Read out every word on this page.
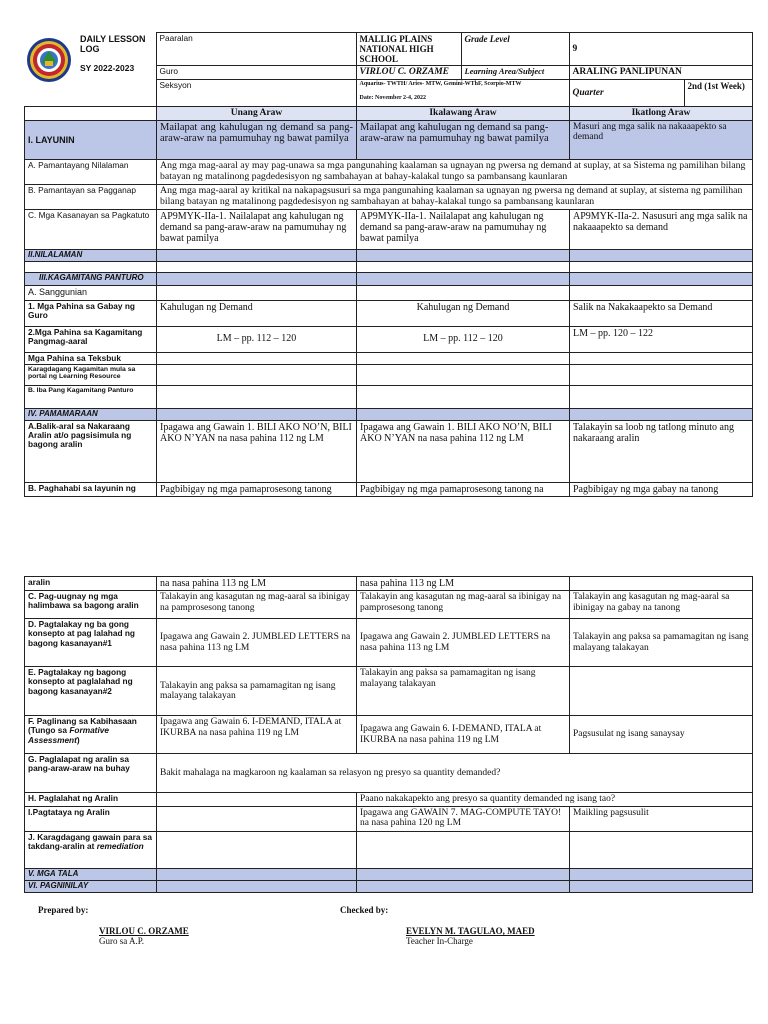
DAILY LESSON LOG
SY 2022-2023	Paaralan	MALLIG PLAINS NATIONAL HIGH SCHOOL	Grade Level	9	
	Guro	VIRLOU C. ORZAME	Learning Area/Subject	ARALING PANLIPUNAN	
	Seksyon	Aquarius- TWTH/ Aries- MTW, Gemini-WThF, Scorpio-MTW
Date: November 2-4, 2022		Quarter	2nd (1st Week)
	Unang Araw	Ikalawang Araw	Ikatlong Araw
I. LAYUNIN	Mailapat ang kahulugan ng demand sa pang-araw-araw na pamumuhay ng bawat pamilya	Mailapat ang kahulugan ng demand sa pang-araw-araw na pamumuhay ng bawat pamilya	Masuri ang mga salik na nakaaapekto sa demand
A. Pamantayang Nilalaman	Ang mga mag-aaral ay may pag-unawa sa mga pangunahing kaalaman sa ugnayan ng pwersa ng demand at suplay, at sa Sistema ng pamilihan bilang batayan ng matalinong pagdedesisyon ng sambahayan at bahay-kalakal tungo sa pambansang kaunlaran		
B. Pamantayan sa Pagganap	Ang mga mag-aaral ay kritikal na nakapagsusuri sa mga pangunahing kaalaman sa ugnayan ng pwersa ng demand at suplay, at sistema ng pamilihan bilang batayan ng matalinong pagdedesisyon ng sambahayan at bahay-kalakal tungo sa pambansang kaunlaran		
C. Mga Kasanayan sa Pagkatuto	AP9MYK-IIa-1. Nailalapat ang kahulugan ng demand sa pang-araw-araw na pamumuhay ng bawat pamilya	AP9MYK-IIa-1. Nailalapat ang kahulugan ng demand sa pang-araw-araw na pamumuhay ng bawat pamilya	AP9MYK-IIa-2. Nasusuri ang mga salik na nakaaapekto sa demand
II.NILALAMAN			

III.KAGAMITANG PANTURO			
A. Sanggunian			
1. Mga Pahina sa Gabay ng Guro	Kahulugan ng Demand	Kahulugan ng Demand	Salik na Nakakaapekto sa Demand
2.Mga Pahina sa Kagamitang Pangmag-aaral	LM – pp. 112 – 120	LM – pp. 112 – 120	LM – pp. 120 – 122
Mga Pahina sa Teksbuk			
Karagdagang Kagamitan mula sa portal ng Learning Resource			
B. Iba Pang Kagamitang Panturo			
IV. PAMAMARAAN			
A.Balik-aral sa Nakaraang Aralin at/o pagsisimula ng bagong aralin	Ipagawa ang Gawain 1. BILI AKO NO’N, BILI AKO N’YAN na nasa pahina 112 ng LM	Ipagawa ang Gawain 1. BILI AKO NO’N, BILI AKO N’YAN na nasa pahina 112 ng LM	Talakayin sa loob ng tatlong minuto ang nakaraang aralin
B. Paghahabi sa layunin ng	Pagbibigay ng mga pamaprosesong tanong	Pagbibigay ng mga pamaprosesong tanong na	Pagbibigay ng mga gabay na tanong
aralin	na nasa pahina 113 ng LM	nasa pahina 113 ng LM	
C. Pag-uugnay ng mga halimbawa sa bagong aralin	Talakayin ang kasagutan ng mag-aaral sa ibinigay na pamprosesong tanong	Talakayin ang kasagutan ng mag-aaral sa ibinigay na pamprosesong tanong	Talakayin ang kasagutan ng mag-aaral sa ibinigay na gabay na tanong
D. Pagtalakay ng ba gong konsepto at pag lalahad ng bagong kasanayan#1	Ipagawa ang Gawain 2. JUMBLED LETTERS na nasa pahina 113 ng LM	Ipagawa ang Gawain 2. JUMBLED LETTERS na nasa pahina 113 ng LM	Talakayin ang paksa sa pamamagitan ng isang malayang talakayan
E. Pagtalakay ng bagong konsepto at paglalahad ng bagong kasanayan#2	Talakayin ang paksa sa pamamagitan ng isang malayang talakayan	Talakayin ang paksa sa pamamagitan ng isang malayang talakayan	
F. Paglinang sa Kabihasaan (Tungo sa Formative Assessment)	Ipagawa ang Gawain 6. I-DEMAND, ITALA at IKURBA na nasa pahina 119 ng LM	Ipagawa ang Gawain 6. I-DEMAND, ITALA at IKURBA na nasa pahina 119 ng LM	Pagsusulat ng isang sanaysay
G. Paglalapat ng aralin sa pang-araw-araw na buhay	Bakit mahalaga na magkaroon ng kaalaman sa relasyon ng presyo sa quantity demanded?		
H. Paglalahat ng Aralin		Paano nakakapekto ang presyo sa quantity demanded ng isang tao?	
I.Pagtataya ng Aralin		Ipagawa ang GAWAIN 7. MAG-COMPUTE TAYO! na nasa pahina 120 ng LM	Maikling pagsusulit
J. Karagdagang gawain para sa takdang-aralin at remediation			
V. MGA TALA			
VI. PAGNINILAY			
Prepared by:	Checked by:
VIRLOU C. ORZAME
Guro sa A.P.
EVELYN M. TAGULAO, MAED
Teacher In-Charge
